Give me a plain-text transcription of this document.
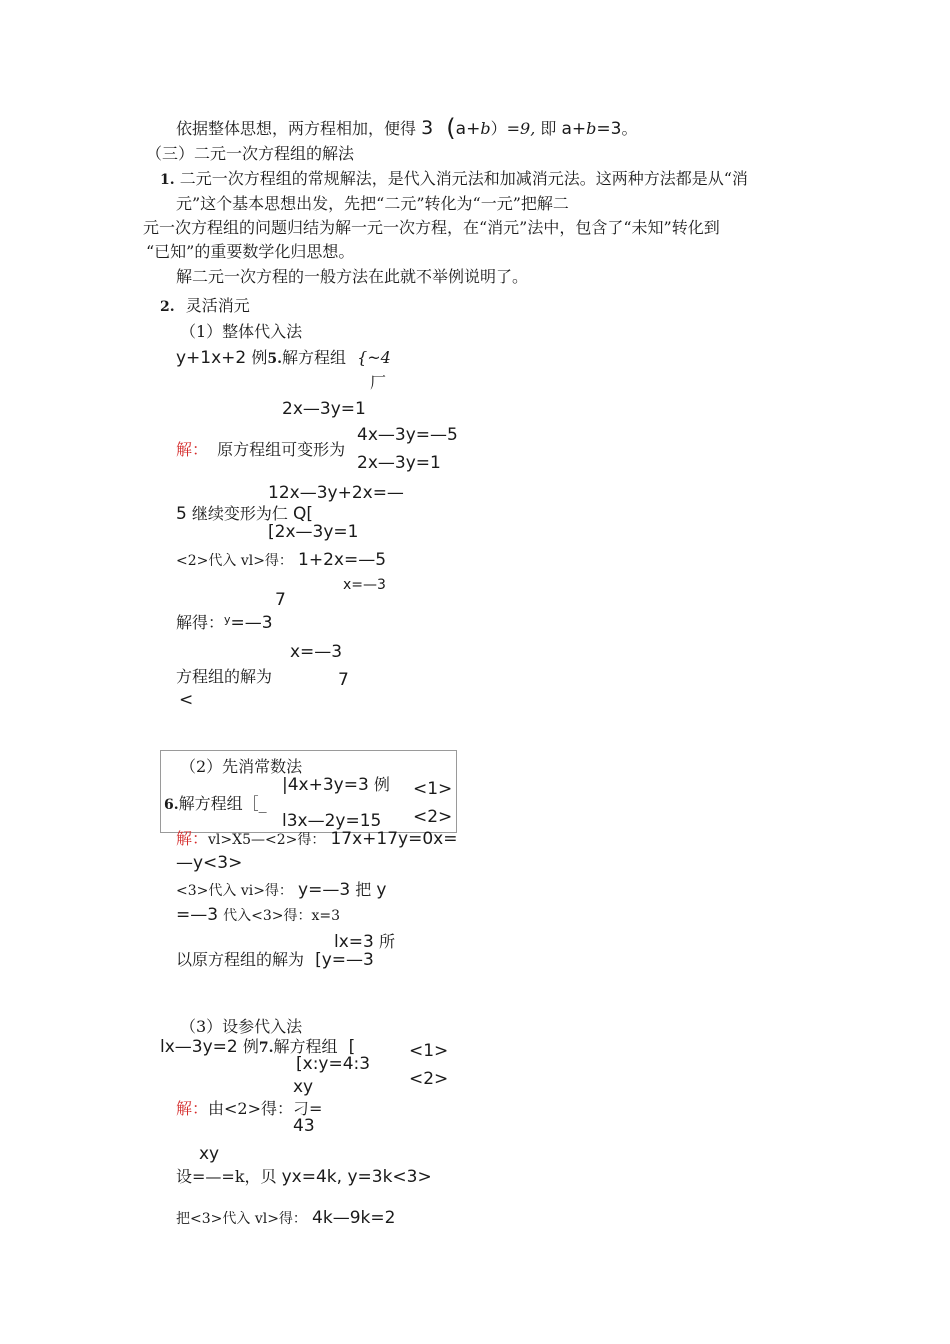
依据整体思想，两方程相加，便得 3 (a+b）=9, 即 a+b=3。
（三）二元一次方程组的解法
1. 二元一次方程组的常规解法，是代入消元法和加减消元法。这两种方法都是从“消
元”这个基本思想出发，先把“二元”转化为“一元”把解二
元一次方程组的问题归结为解一元一次方程，在“消元”法中，包含了“未知”转化到
“已知”的重要数学化归思想。
解二元一次方程的一般方法在此就不举例说明了。
2. 灵活消元
（1）整体代入法
y+1x+2 例5.解方程组 {~4
厂
2x—3y=1
4x—3y=—5
解： 原方程组可变形为
2x—3y=1
12x—3y+2x=—
5 继续变形为仁 Q[
[2x—3y=1
<2>代入 vl>得： 1+2x=—5
x=—3
7
解得：$^y$=—3
x=—3
方程组的解为	7
<
（2）先消常数法
|4x+3y=3 例 <1>
6.解方程组［_
l3x—2y=15 <2>
解：vl>X5—<2>得： 17x+17y=0x=
—y<3>
<3>代入 vi>得： y=—3 把 y
=—3 代入<3>得：x=3
lx=3 所
以原方程组的解为 [y=—3
（3）设参代入法
lx—3y=2 例7.解方程组 [	<1>
[x:y=4:3
xy	<2>
解：由<2>得：刁=
43
xy
设=—=k，贝 yx=4k, y=3k<3>
把<3>代入 vl>得： 4k—9k=2
